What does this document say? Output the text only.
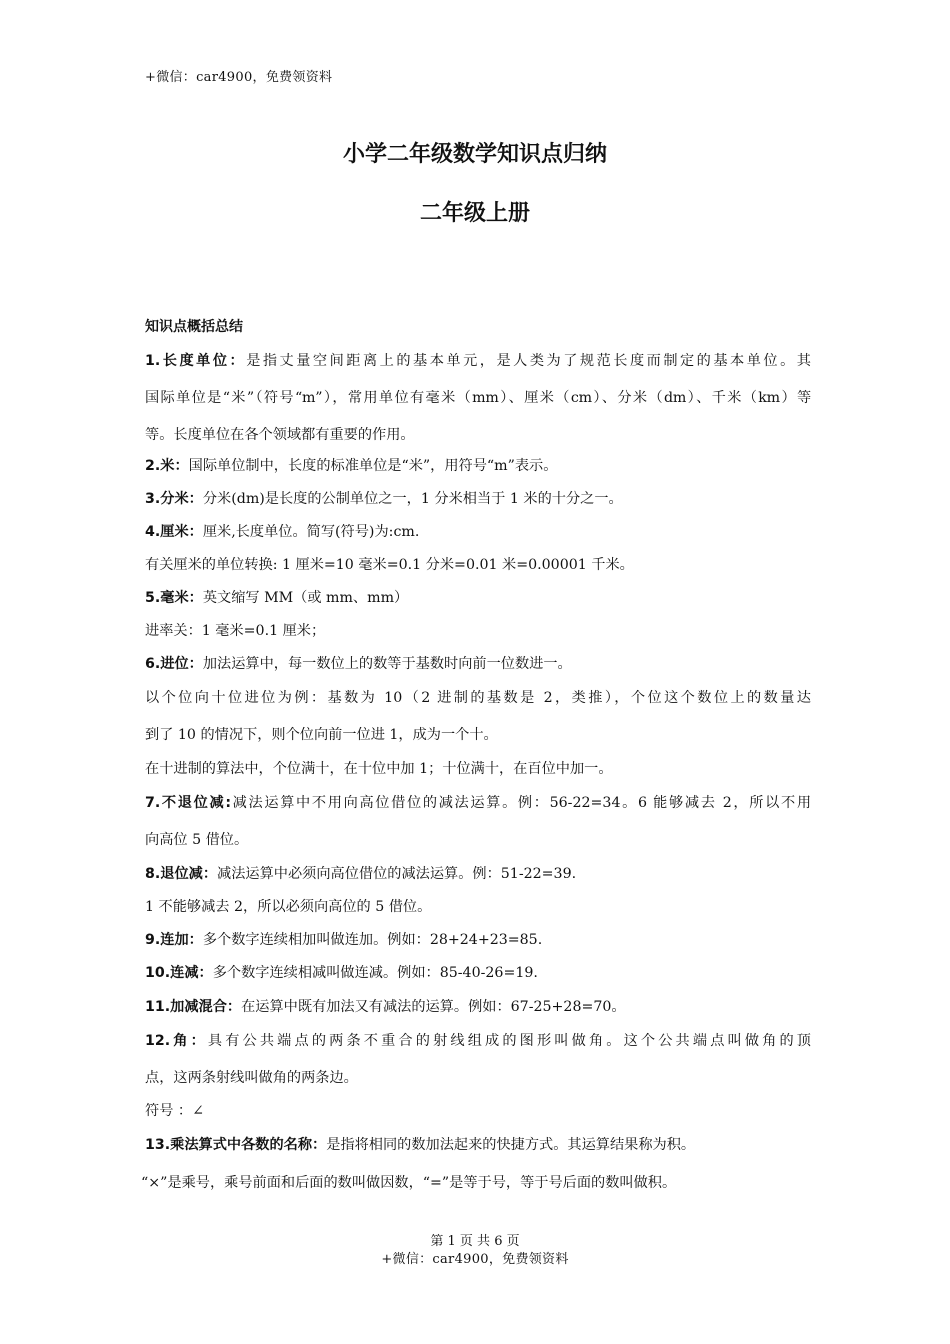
+微信：car4900，免费领资料
小学二年级数学知识点归纳
二年级上册
知识点概括总结
1.长度单位：是指丈量空间距离上的基本单元，是人类为了规范长度而制定的基本单位。其
国际单位是“米”（符号“m”），常用单位有毫米（mm）、厘米（cm）、分米（dm）、千米（km）等
等。长度单位在各个领域都有重要的作用。
2.米：国际单位制中，长度的标准单位是“米”，用符号“m”表示。
3.分米：分米(dm)是长度的公制单位之一，1 分米相当于 1 米的十分之一。
4.厘米：厘米,长度单位。简写(符号)为:cm.
有关厘米的单位转换: 1 厘米=10 毫米=0.1 分米=0.01 米=0.00001 千米。
5.毫米：英文缩写 MM（或 mm、mm）
进率关：1 毫米=0.1 厘米；
6.进位：加法运算中，每一数位上的数等于基数时向前一位数进一。
以个位向十位进位为例：基数为 10（2 进制的基数是 2，类推），个位这个数位上的数量达
到了 10 的情况下，则个位向前一位进 1，成为一个十。
在十进制的算法中，个位满十，在十位中加 1；十位满十，在百位中加一。
7.不退位减:减法运算中不用向高位借位的减法运算。例：56-22=34。6 能够减去 2，所以不用
向高位 5 借位。
8.退位减：减法运算中必须向高位借位的减法运算。例：51-22=39.
1 不能够减去 2，所以必须向高位的 5 借位。
9.连加：多个数字连续相加叫做连加。例如：28+24+23=85.
10.连减：多个数字连续相减叫做连减。例如：85-40-26=19.
11.加减混合：在运算中既有加法又有减法的运算。例如：67-25+28=70。
12.角：具有公共端点的两条不重合的射线组成的图形叫做角。这个公共端点叫做角的顶
点，这两条射线叫做角的两条边。
符号 ：∠
13.乘法算式中各数的名称：是指将相同的数加法起来的快捷方式。其运算结果称为积。
“×”是乘号，乘号前面和后面的数叫做因数，“=”是等于号，等于号后面的数叫做积。
第 1 页 共 6 页
+微信：car4900，免费领资料
